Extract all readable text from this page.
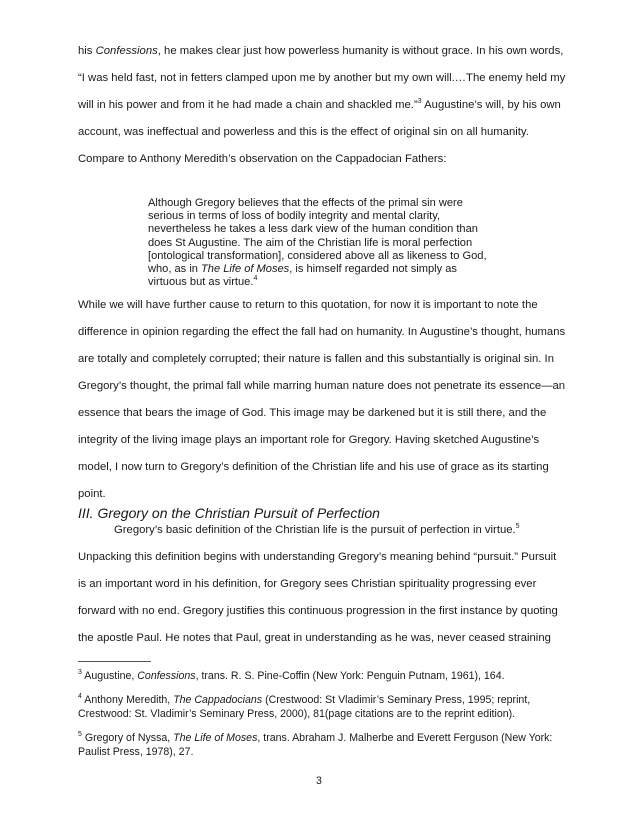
his Confessions, he makes clear just how powerless humanity is without grace. In his own words, “I was held fast, not in fetters clamped upon me by another but my own will.…The enemy held my will in his power and from it he had made a chain and shackled me.”$^3$ Augustine’s will, by his own account, was ineffectual and powerless and this is the effect of original sin on all humanity. Compare to Anthony Meredith’s observation on the Cappadocian Fathers:

Although Gregory believes that the effects of the primal sin were serious in terms of loss of bodily integrity and mental clarity, nevertheless he takes a less dark view of the human condition than does St Augustine. The aim of the Christian life is moral perfection [ontological transformation], considered above all as likeness to God, who, as in The Life of Moses, is himself regarded not simply as virtuous but as virtue.$^4$

While we will have further cause to return to this quotation, for now it is important to note the difference in opinion regarding the effect the fall had on humanity. In Augustine’s thought, humans are totally and completely corrupted; their nature is fallen and this substantially is original sin. In Gregory’s thought, the primal fall while marring human nature does not penetrate its essence—an essence that bears the image of God. This image may be darkened but it is still there, and the integrity of the living image plays an important role for Gregory. Having sketched Augustine’s model, I now turn to Gregory’s definition of the Christian life and his use of grace as its starting point.

III. Gregory on the Christian Pursuit of Perfection

Gregory’s basic definition of the Christian life is the pursuit of perfection in virtue.$^5$ Unpacking this definition begins with understanding Gregory’s meaning behind “pursuit.” Pursuit is an important word in his definition, for Gregory sees Christian spirituality progressing ever forward with no end. Gregory justifies this continuous progression in the first instance by quoting the apostle Paul. He notes that Paul, great in understanding as he was, never ceased straining

$^3$ Augustine, Confessions, trans. R. S. Pine-Coffin (New York: Penguin Putnam, 1961), 164.

$^4$ Anthony Meredith, The Cappadocians (Crestwood: St Vladimir’s Seminary Press, 1995; reprint, Crestwood: St. Vladimir’s Seminary Press, 2000), 81(page citations are to the reprint edition).

$^5$ Gregory of Nyssa, The Life of Moses, trans. Abraham J. Malherbe and Everett Ferguson (New York: Paulist Press, 1978), 27.

3
